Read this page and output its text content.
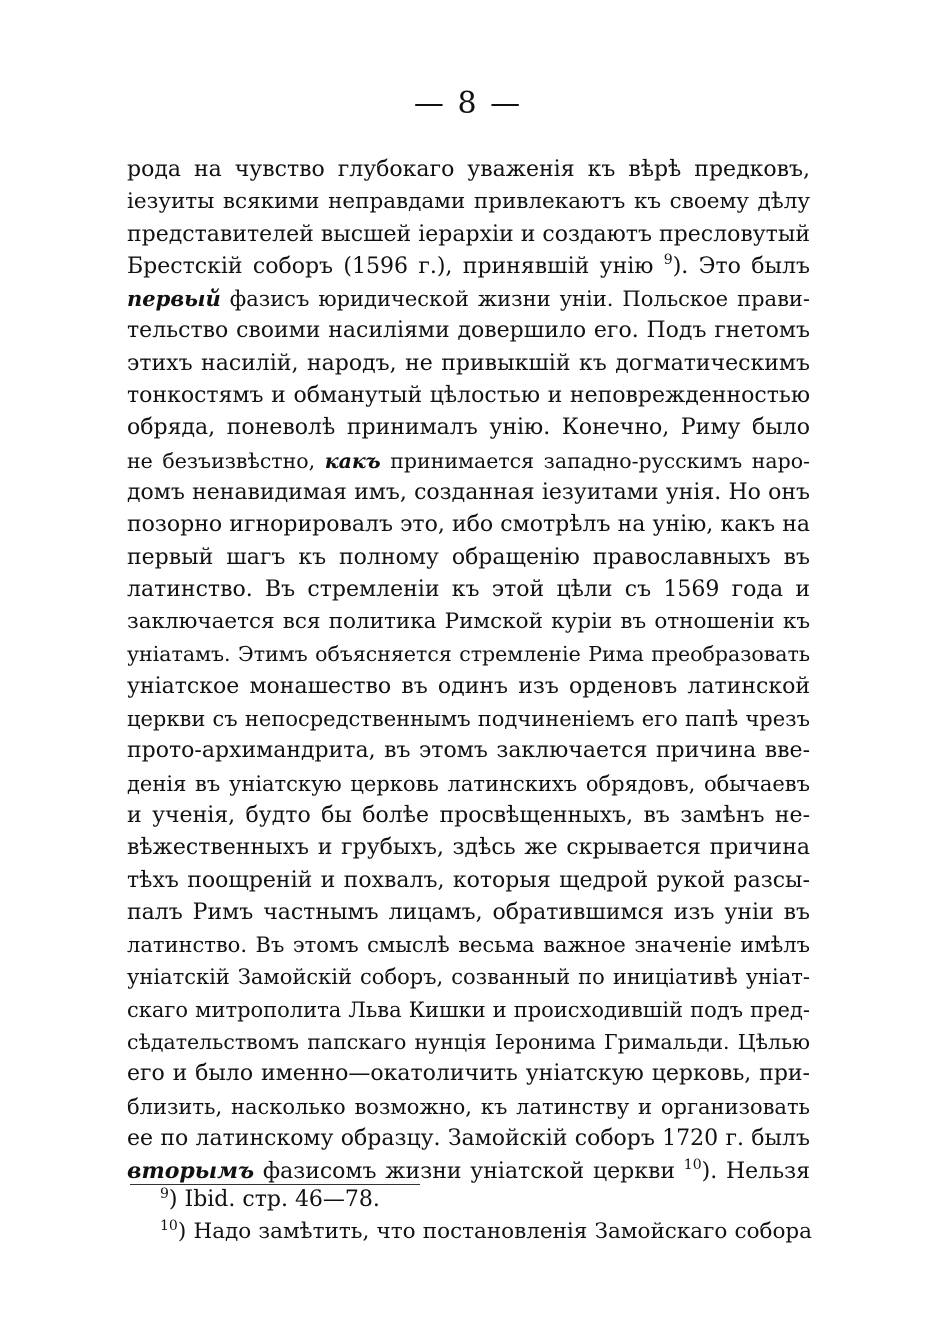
— 8 —
рода на чувство глубокаго уваженія къ вѣрѣ предковъ,
іезуиты всякими неправдами привлекаютъ къ своему дѣлу
представителей высшей іерархіи и создаютъ пресловутый
Брестскій соборъ (1596 г.), принявшій унію $^9$). Это былъ
первый фазисъ юридической жизни уніи. Польское прави-
тельство своими насиліями довершило его. Подъ гнетомъ
этихъ насилій, народъ, не привыкшій къ догматическимъ
тонкостямъ и обманутый цѣлостью и неповрежденностью
обряда, поневолѣ принималъ унію. Конечно, Риму было
не безъизвѣстно, какъ принимается западно-русскимъ наро-
домъ ненавидимая имъ, созданная іезуитами унія. Но онъ
позорно игнорировалъ это, ибо смотрѣлъ на унію, какъ на
первый шагъ къ полному обращенію православныхъ въ
латинство. Въ стремленіи къ этой цѣли съ 1569 года и
заключается вся политика Римской куріи въ отношеніи къ
уніатамъ. Этимъ объясняется стремленіе Рима преобразовать
уніатское монашество въ одинъ изъ орденовъ латинской
церкви съ непосредственнымъ подчиненіемъ его папѣ чрезъ
прото-архимандрита, въ этомъ заключается причина вве-
денія въ уніатскую церковь латинскихъ обрядовъ, обычаевъ
и ученія, будто бы болѣе просвѣщенныхъ, въ замѣнъ не-
вѣжественныхъ и грубыхъ, здѣсь же скрывается причина
тѣхъ поощреній и похвалъ, которыя щедрой рукой разсы-
палъ Римъ частнымъ лицамъ, обратившимся изъ уніи въ
латинство. Въ этомъ смыслѣ весьма важное значеніе имѣлъ
уніатскій Замойскій соборъ, созванный по иниціативѣ уніат-
скаго митрополита Льва Кишки и происходившій подъ пред-
сѣдательствомъ папскаго нунція Іеронима Гримальди. Цѣлью
его и было именно—окатоличить уніатскую церковь, при-
близить, насколько возможно, къ латинству и организовать
ее по латинскому образцу. Замойскій соборъ 1720 г. былъ
вторымъ фазисомъ жизни уніатской церкви $^{10}$). Нельзя
$^9$) Ibid. стр. 46—78.
$^{10}$) Надо замѣтить, что постановленія Замойскаго собора
